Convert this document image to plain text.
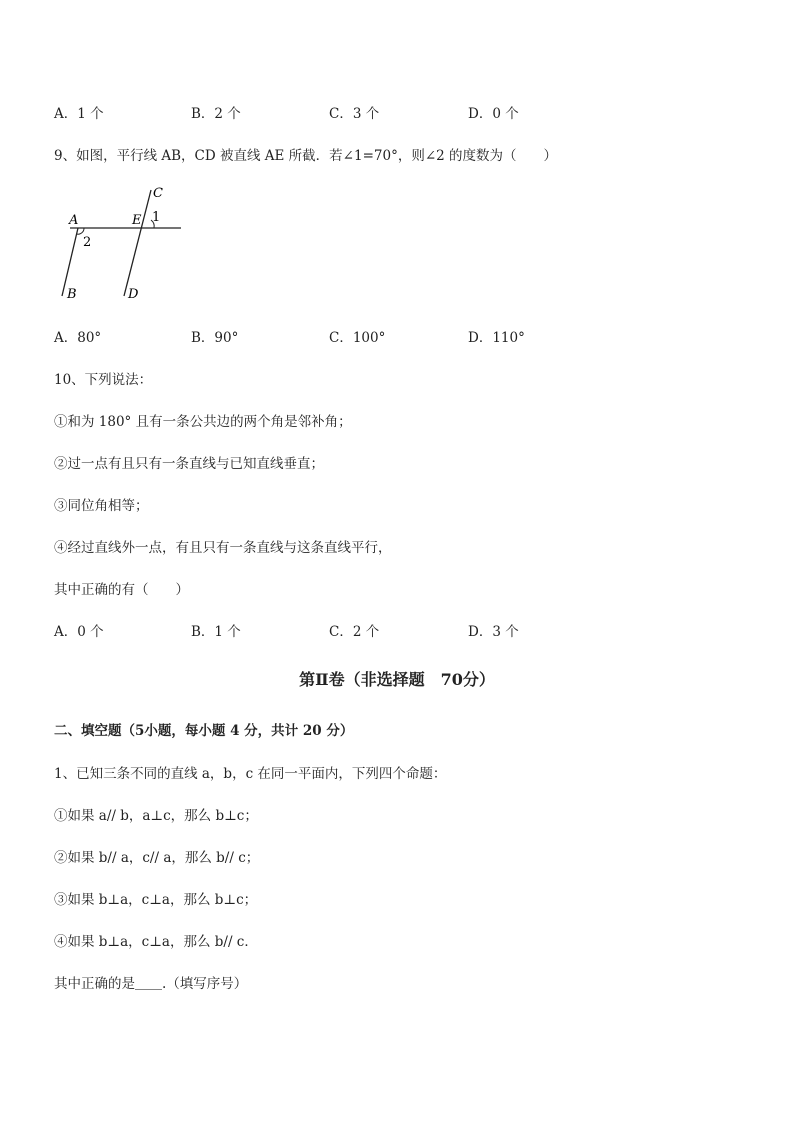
A．1 个	B．2 个	C．3 个	D．0 个
9、如图，平行线 AB，CD 被直线 AE 所截．若∠1=70°，则∠2 的度数为（　　）
A	E
C
1
2
B	D
A．80°	B．90°	C．100°	D．110°
10、下列说法：
①和为 180° 且有一条公共边的两个角是邻补角；
②过一点有且只有一条直线与已知直线垂直；
③同位角相等；
④经过直线外一点，有且只有一条直线与这条直线平行，
其中正确的有（　　）
A．0 个	B．1 个	C．2 个	D．3 个
第Ⅱ卷（非选择题　70分）
二、填空题（5小题，每小题 4 分，共计 20 分）
1、已知三条不同的直线 a，b，c 在同一平面内，下列四个命题：
①如果 a// b，a⊥c，那么 b⊥c；
②如果 b// a，c// a，那么 b// c；
③如果 b⊥a，c⊥a，那么 b⊥c；
④如果 b⊥a，c⊥a，那么 b// c．
其中正确的是＿＿.（填写序号）
